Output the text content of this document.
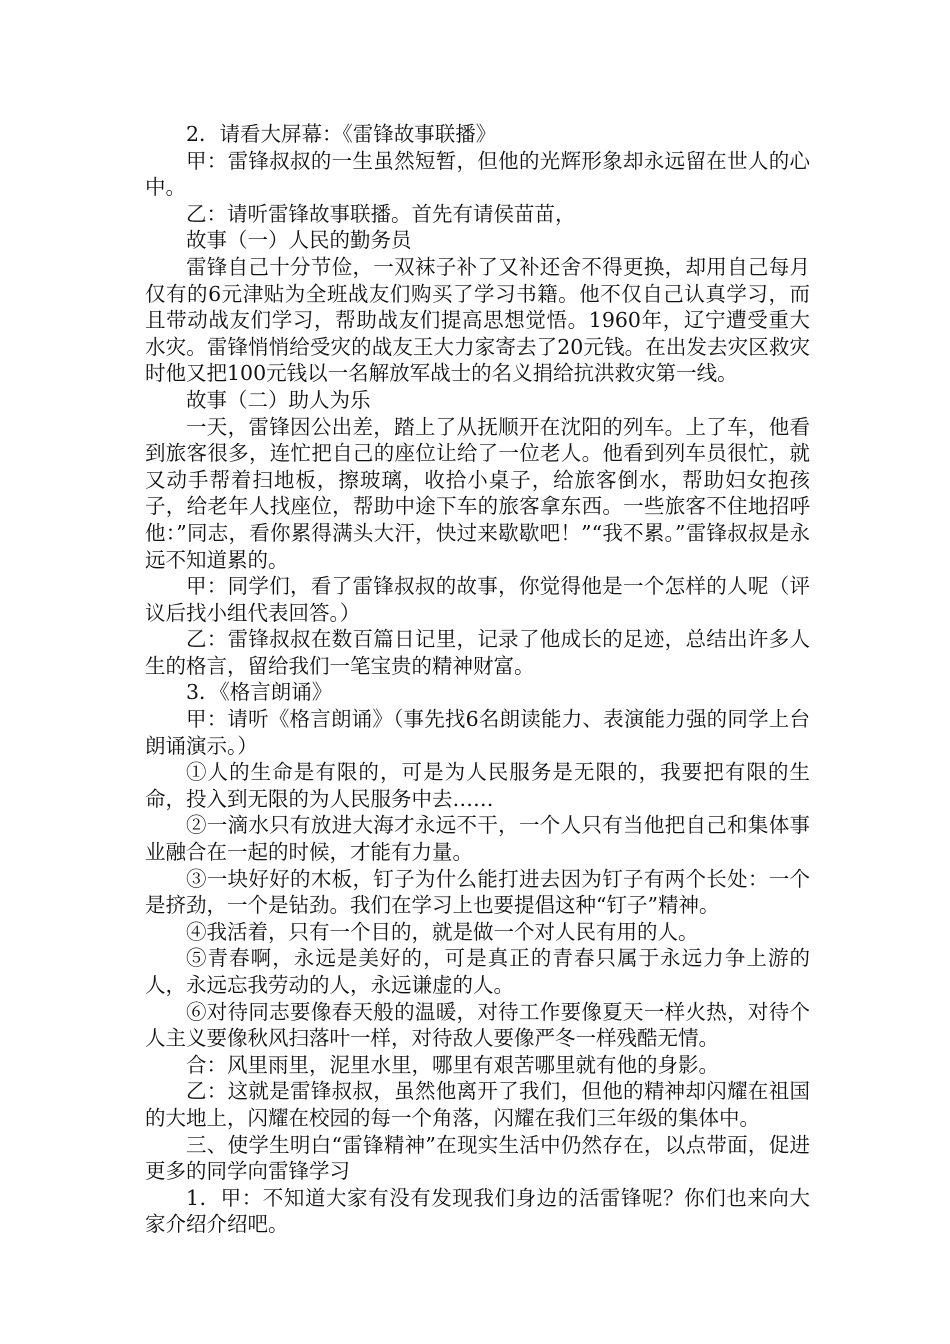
2．请看大屏幕：《雷锋故事联播》

甲：雷锋叔叔的一生虽然短暂，但他的光辉形象却永远留在世人的心中。

乙：请听雷锋故事联播。首先有请侯苗苗，

故事（一）人民的勤务员

雷锋自己十分节俭，一双袜子补了又补还舍不得更换，却用自己每月仅有的6元津贴为全班战友们购买了学习书籍。他不仅自己认真学习，而且带动战友们学习，帮助战友们提高思想觉悟。1960年，辽宁遭受重大水灾。雷锋悄悄给受灾的战友王大力家寄去了20元钱。在出发去灾区救灾时他又把100元钱以一名解放军战士的名义捐给抗洪救灾第一线。

故事（二）助人为乐

一天，雷锋因公出差，踏上了从抚顺开在沈阳的列车。上了车，他看到旅客很多，连忙把自己的座位让给了一位老人。他看到列车员很忙，就又动手帮着扫地板，擦玻璃，收拾小桌子，给旅客倒水，帮助妇女抱孩子，给老年人找座位，帮助中途下车的旅客拿东西。一些旅客不住地招呼他：”同志，看你累得满头大汗，快过来歇歇吧！”“我不累。”雷锋叔叔是永远不知道累的。

甲：同学们，看了雷锋叔叔的故事，你觉得他是一个怎样的人呢（评议后找小组代表回答。）

乙：雷锋叔叔在数百篇日记里，记录了他成长的足迹，总结出许多人生的格言，留给我们一笔宝贵的精神财富。

3．《格言朗诵》

甲：请听《格言朗诵》（事先找6名朗读能力、表演能力强的同学上台朗诵演示。）

①人的生命是有限的，可是为人民服务是无限的，我要把有限的生命，投入到无限的为人民服务中去……

②一滴水只有放进大海才永远不干，一个人只有当他把自己和集体事业融合在一起的时候，才能有力量。

③一块好好的木板，钉子为什么能打进去因为钉子有两个长处：一个是挤劲，一个是钻劲。我们在学习上也要提倡这种“钉子”精神。

④我活着，只有一个目的，就是做一个对人民有用的人。

⑤青春啊，永远是美好的，可是真正的青春只属于永远力争上游的人，永远忘我劳动的人，永远谦虚的人。

⑥对待同志要像春天般的温暖，对待工作要像夏天一样火热，对待个人主义要像秋风扫落叶一样，对待敌人要像严冬一样残酷无情。

合：风里雨里，泥里水里，哪里有艰苦哪里就有他的身影。

乙：这就是雷锋叔叔，虽然他离开了我们，但他的精神却闪耀在祖国的大地上，闪耀在校园的每一个角落，闪耀在我们三年级的集体中。

三、使学生明白“雷锋精神”在现实生活中仍然存在，以点带面，促进更多的同学向雷锋学习

1．甲：不知道大家有没有发现我们身边的活雷锋呢？你们也来向大家介绍介绍吧。
